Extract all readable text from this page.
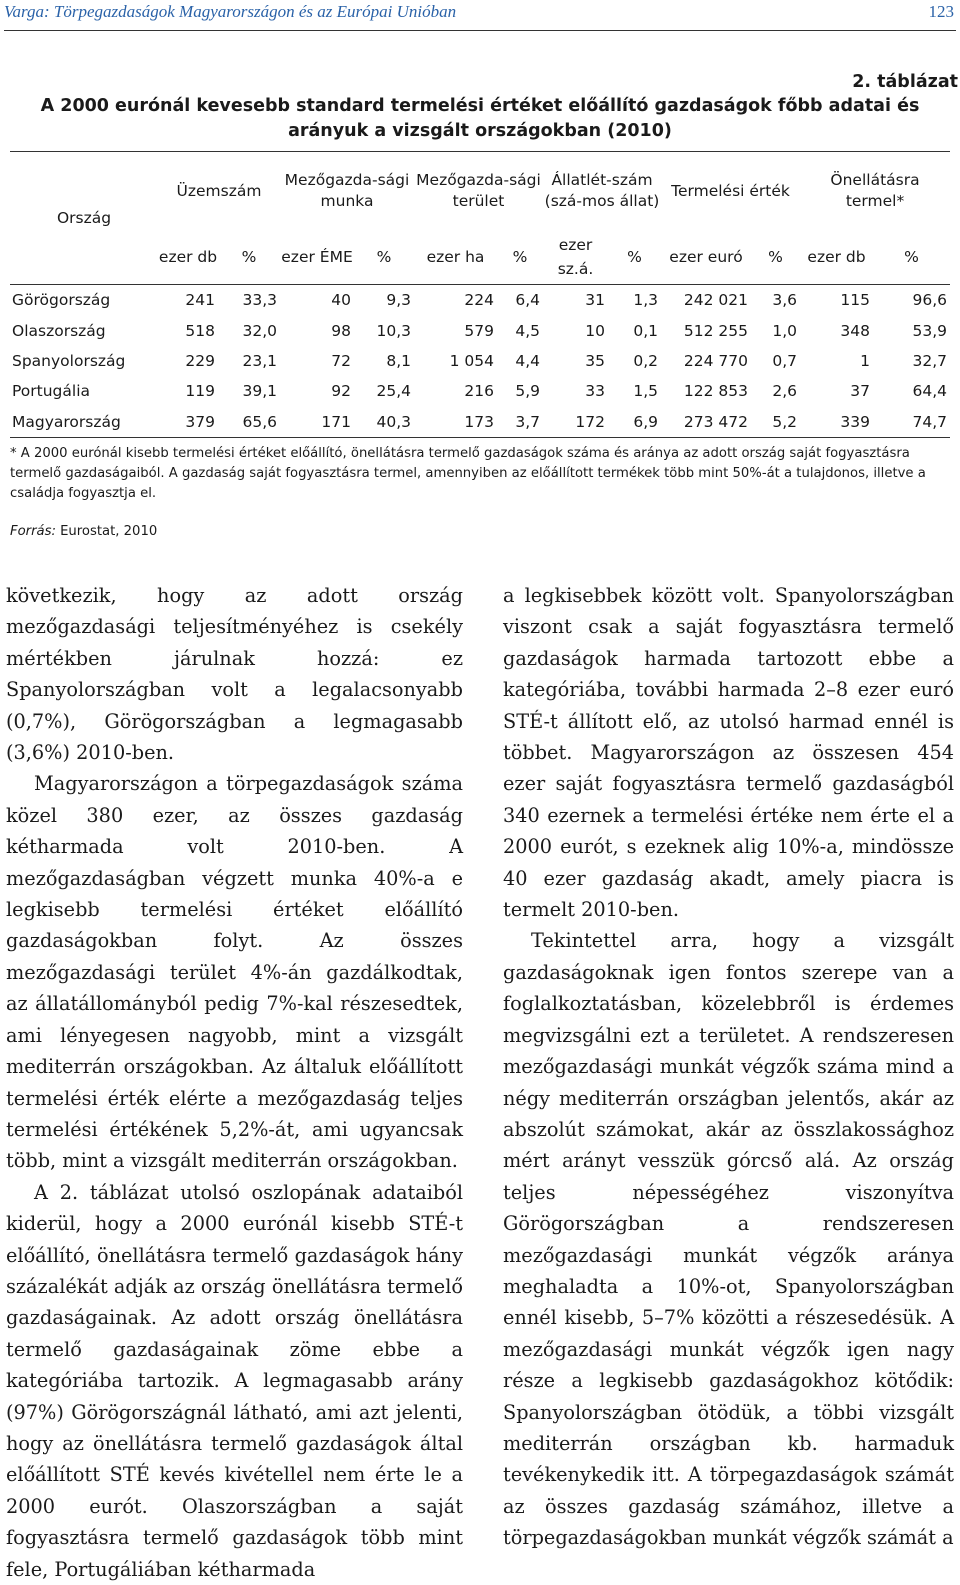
Varga: Törpegazdaságok Magyarországon és az Európai Unióban	123
2. táblázat
A 2000 eurónál kevesebb standard termelési értéket előállító gazdaságok főbb adatai és
arányuk a vizsgált országokban (2010)
Ország	Üzemszám		Mezőgazda-sági munka		Mezőgazda-sági terület		Állatlét-szám (szá-mos állat)		Termelési érték		Önellátásra termel*	
	ezer db	%	ezer ÉME	%	ezer ha	%	ezer sz.á.	%	ezer euró	%	ezer db	%
Görögország	241	33,3	40	9,3	224	6,4	31	1,3	242 021	3,6	115	96,6
Olaszország	518	32,0	98	10,3	579	4,5	10	0,1	512 255	1,0	348	53,9
Spanyolország	229	23,1	72	8,1	1 054	4,4	35	0,2	224 770	0,7	1	32,7
Portugália	119	39,1	92	25,4	216	5,9	33	1,5	122 853	2,6	37	64,4
Magyarország	379	65,6	171	40,3	173	3,7	172	6,9	273 472	5,2	339	74,7
* A 2000 eurónál kisebb termelési értéket előállító, önellátásra termelő gazdaságok száma és aránya az adott ország saját fogyasztásra termelő gazdaságaiból. A gazdaság saját fogyasztásra termel, amennyiben az előállított termékek több mint 50%-át a tulajdonos, illetve a családja fogyasztja el.
Forrás: Eurostat, 2010

következik, hogy az adott ország mezőgazdasági teljesítményéhez is csekély mértékben járulnak hozzá: ez Spanyolországban volt a legalacsonyabb (0,7%), Görögországban a legmagasabb (3,6%) 2010-ben.

Magyarországon a törpegazdaságok száma közel 380 ezer, az összes gazdaság kétharmada volt 2010-ben. A mezőgazdaságban végzett munka 40%-a e legkisebb termelési értéket előállító gazdaságokban folyt. Az összes mezőgazdasági terület 4%-án gazdálkodtak, az állatállományból pedig 7%-kal részesedtek, ami lényegesen nagyobb, mint a vizsgált mediterrán országokban. Az általuk előállított termelési érték elérte a mezőgazdaság teljes termelési értékének 5,2%-át, ami ugyancsak több, mint a vizsgált mediterrán országokban.

A 2. táblázat utolsó oszlopának adataiból kiderül, hogy a 2000 eurónál kisebb STÉ-t előállító, önellátásra termelő gazdaságok hány százalékát adják az ország önellátásra termelő gazdaságainak. Az adott ország önellátásra termelő gazdaságainak zöme ebbe a kategóriába tartozik. A legmagasabb arány (97%) Görögországnál látható, ami azt jelenti, hogy az önellátásra termelő gazdaságok által előállított STÉ kevés kivétellel nem érte le a 2000 eurót. Olaszországban a saját fogyasztásra termelő gazdaságok több mint fele, Portugáliában kétharmada

a legkisebbek között volt. Spanyolországban viszont csak a saját fogyasztásra termelő gazdaságok harmada tartozott ebbe a kategóriába, további harmada 2–8 ezer euró STÉ-t állított elő, az utolsó harmad ennél is többet. Magyarországon az összesen 454 ezer saját fogyasztásra termelő gazdaságból 340 ezernek a termelési értéke nem érte el a 2000 eurót, s ezeknek alig 10%-a, mindössze 40 ezer gazdaság akadt, amely piacra is termelt 2010-ben.

Tekintettel arra, hogy a vizsgált gazdaságoknak igen fontos szerepe van a foglalkoztatásban, közelebbről is érdemes megvizsgálni ezt a területet. A rendszeresen mezőgazdasági munkát végzők száma mind a négy mediterrán országban jelentős, akár az abszolút számokat, akár az összlakossághoz mért arányt vesszük górcső alá. Az ország teljes népességéhez viszonyítva Görögországban a rendszeresen mezőgazdasági munkát végzők aránya meghaladta a 10%-ot, Spanyolországban ennél kisebb, 5–7% közötti a részesedésük. A mezőgazdasági munkát végzők igen nagy része a legkisebb gazdaságokhoz kötődik: Spanyolországban ötödük, a többi vizsgált mediterrán országban kb. harmaduk tevékenykedik itt. A törpegazdaságok számát az összes gazdaság számához, illetve a törpegazdaságokban munkát végzők számát a
